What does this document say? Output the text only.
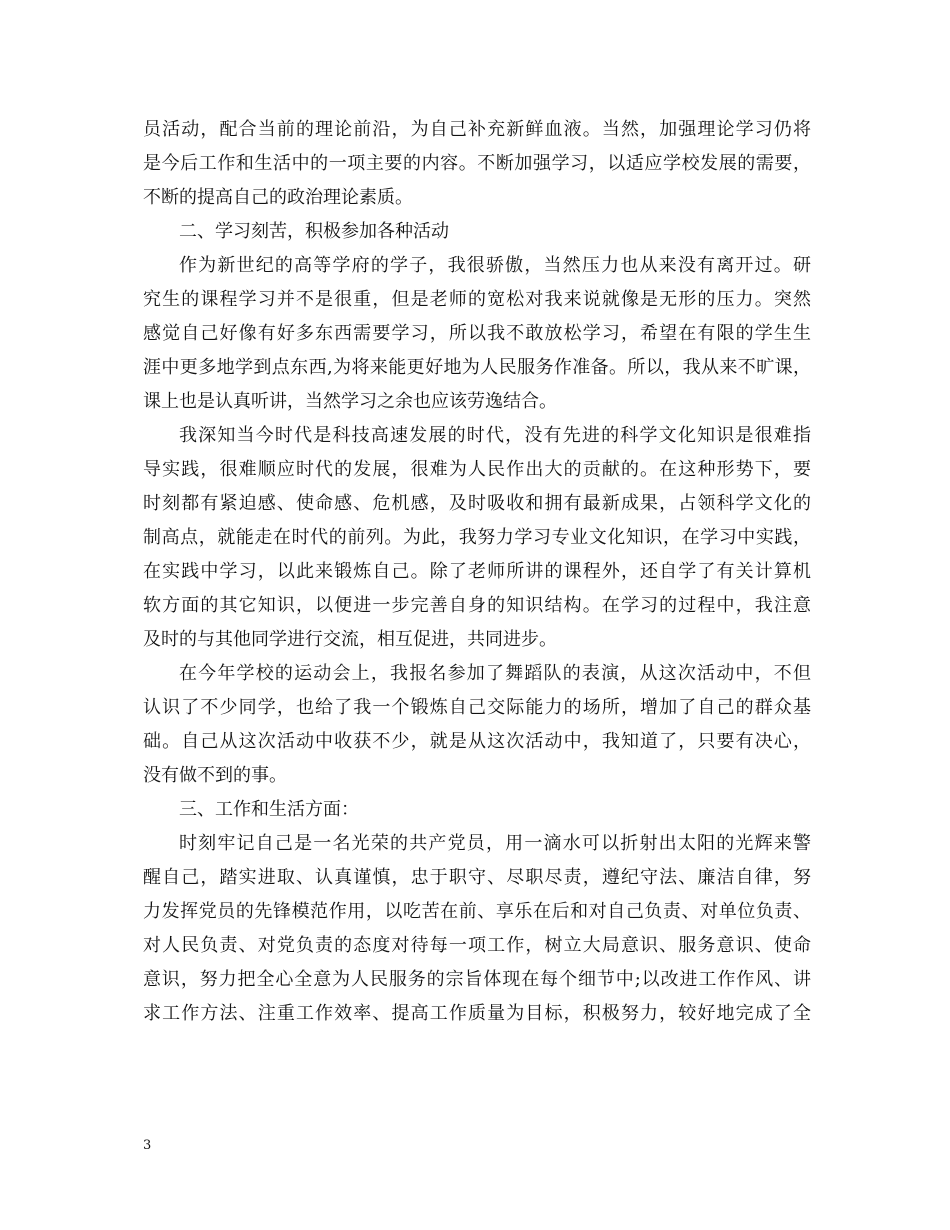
员活动，配合当前的理论前沿，为自己补充新鲜血液。当然，加强理论学习仍将
是今后工作和生活中的一项主要的内容。不断加强学习，以适应学校发展的需要，
不断的提高自己的政治理论素质。
二、学习刻苦，积极参加各种活动
作为新世纪的高等学府的学子，我很骄傲，当然压力也从来没有离开过。研
究生的课程学习并不是很重，但是老师的宽松对我来说就像是无形的压力。突然
感觉自己好像有好多东西需要学习，所以我不敢放松学习，希望在有限的学生生
涯中更多地学到点东西,为将来能更好地为人民服务作准备。所以，我从来不旷课，
课上也是认真听讲，当然学习之余也应该劳逸结合。
我深知当今时代是科技高速发展的时代，没有先进的科学文化知识是很难指
导实践，很难顺应时代的发展，很难为人民作出大的贡献的。在这种形势下，要
时刻都有紧迫感、使命感、危机感，及时吸收和拥有最新成果，占领科学文化的
制高点，就能走在时代的前列。为此，我努力学习专业文化知识，在学习中实践，
在实践中学习，以此来锻炼自己。除了老师所讲的课程外，还自学了有关计算机
软方面的其它知识，以便进一步完善自身的知识结构。在学习的过程中，我注意
及时的与其他同学进行交流，相互促进，共同进步。
在今年学校的运动会上，我报名参加了舞蹈队的表演，从这次活动中，不但
认识了不少同学，也给了我一个锻炼自己交际能力的场所，增加了自己的群众基
础。自己从这次活动中收获不少，就是从这次活动中，我知道了，只要有决心，
没有做不到的事。
三、工作和生活方面：
时刻牢记自己是一名光荣的共产党员，用一滴水可以折射出太阳的光辉来警
醒自己，踏实进取、认真谨慎，忠于职守、尽职尽责，遵纪守法、廉洁自律，努
力发挥党员的先锋模范作用，以吃苦在前、享乐在后和对自己负责、对单位负责、
对人民负责、对党负责的态度对待每一项工作，树立大局意识、服务意识、使命
意识，努力把全心全意为人民服务的宗旨体现在每个细节中;以改进工作作风、讲
求工作方法、注重工作效率、提高工作质量为目标，积极努力，较好地完成了全
3
